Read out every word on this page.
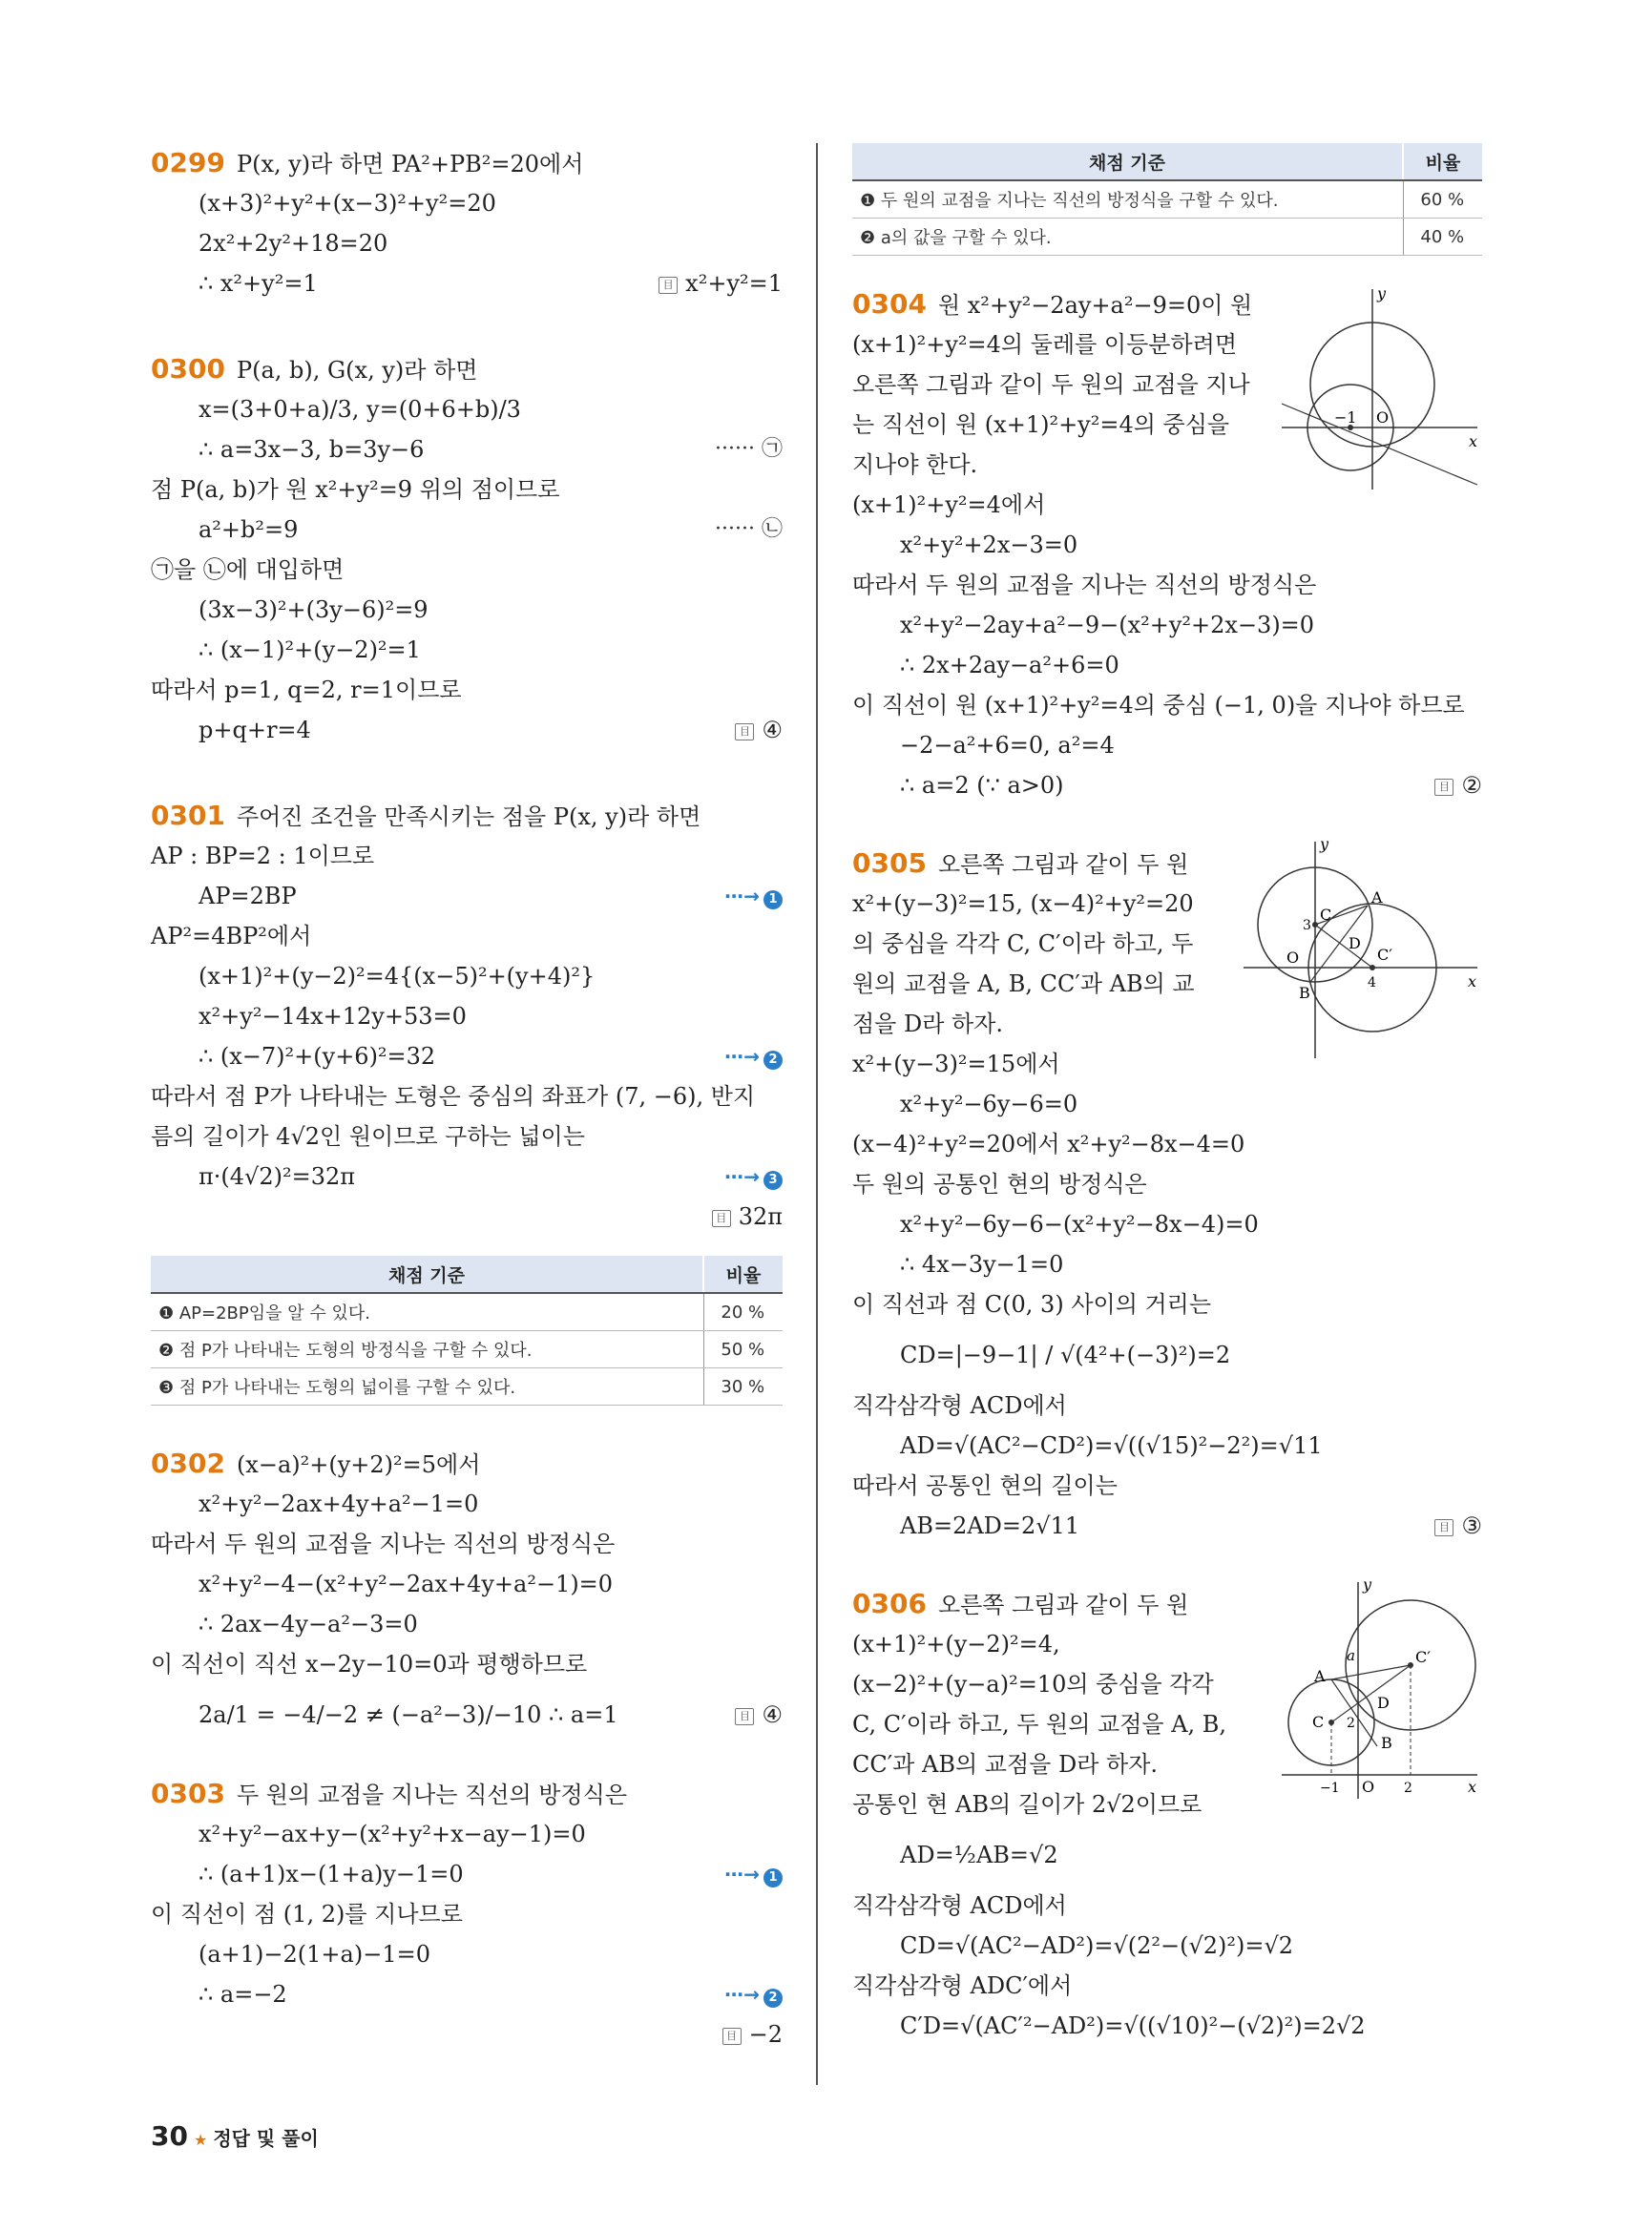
0299 P(x, y)라 하면 PA²+PB²=20에서
(x+3)²+y²+(x−3)²+y²=20
2x²+2y²+18=20
∴ x²+y²=1	目 x²+y²=1
0300 P(a, b), G(x, y)라 하면
x=(3+0+a)/3, y=(0+6+b)/3
∴ a=3x−3, b=3y−6	······ ㉠
점 P(a, b)가 원 x²+y²=9 위의 점이므로
a²+b²=9	······ ㉡
㉠을 ㉡에 대입하면
(3x−3)²+(3y−6)²=9
∴ (x−1)²+(y−2)²=1
따라서 p=1, q=2, r=1이므로
p+q+r=4	目 ④
0301 주어진 조건을 만족시키는 점을 P(x, y)라 하면
AP : BP=2 : 1이므로
AP=2BP	⋯→ 1
AP²=4BP²에서
(x+1)²+(y−2)²=4{(x−5)²+(y+4)²}
x²+y²−14x+12y+53=0
∴ (x−7)²+(y+6)²=32	⋯→ 2
따라서 점 P가 나타내는 도형은 중심의 좌표가 (7, −6), 반지
름의 길이가 4√2인 원이므로 구하는 넓이는
π·(4√2)²=32π	⋯→ 3
目 32π
채점 기준	비율
❶ AP=2BP임을 알 수 있다.	20 %
❷ 점 P가 나타내는 도형의 방정식을 구할 수 있다.	50 %
❸ 점 P가 나타내는 도형의 넓이를 구할 수 있다.	30 %
0302 (x−a)²+(y+2)²=5에서
x²+y²−2ax+4y+a²−1=0
따라서 두 원의 교점을 지나는 직선의 방정식은
x²+y²−4−(x²+y²−2ax+4y+a²−1)=0
∴ 2ax−4y−a²−3=0
이 직선이 직선 x−2y−10=0과 평행하므로
2a/1 = −4/−2 ≠ (−a²−3)/−10 ∴ a=1	目 ④
0303 두 원의 교점을 지나는 직선의 방정식은
x²+y²−ax+y−(x²+y²+x−ay−1)=0
∴ (a+1)x−(1+a)y−1=0	⋯→ 1
이 직선이 점 (1, 2)를 지나므로
(a+1)−2(1+a)−1=0
∴ a=−2	⋯→ 2
目 −2
채점 기준	비율
❶ 두 원의 교점을 지나는 직선의 방정식을 구할 수 있다.	60 %
❷ a의 값을 구할 수 있다.	40 %
y
x
−1 O
0304 원 x²+y²−2ay+a²−9=0이 원
(x+1)²+y²=4의 둘레를 이등분하려면
오른쪽 그림과 같이 두 원의 교점을 지나
는 직선이 원 (x+1)²+y²=4의 중심을
지나야 한다.
(x+1)²+y²=4에서
x²+y²+2x−3=0
따라서 두 원의 교점을 지나는 직선의 방정식은
x²+y²−2ay+a²−9−(x²+y²+2x−3)=0
∴ 2x+2ay−a²+6=0
이 직선이 원 (x+1)²+y²=4의 중심 (−1, 0)을 지나야 하므로
−2−a²+6=0, a²=4
∴ a=2 (∵ a>0)	目 ②
y
x
A
B
C
C′
D
O
3
4
0305 오른쪽 그림과 같이 두 원
x²+(y−3)²=15, (x−4)²+y²=20
의 중심을 각각 C, C′이라 하고, 두
원의 교점을 A, B, CC′과 AB의 교
점을 D라 하자.
x²+(y−3)²=15에서
x²+y²−6y−6=0
(x−4)²+y²=20에서 x²+y²−8x−4=0
두 원의 공통인 현의 방정식은
x²+y²−6y−6−(x²+y²−8x−4)=0
∴ 4x−3y−1=0
이 직선과 점 C(0, 3) 사이의 거리는
CD=|−9−1| / √(4²+(−3)²)=2
직각삼각형 ACD에서
AD=√(AC²−CD²)=√((√15)²−2²)=√11
따라서 공통인 현의 길이는
AB=2AD=2√11	目 ③
y
x
A
B
C
C′
D
O
a
2
−1	2
0306 오른쪽 그림과 같이 두 원
(x+1)²+(y−2)²=4,
(x−2)²+(y−a)²=10의 중심을 각각
C, C′이라 하고, 두 원의 교점을 A, B,
CC′과 AB의 교점을 D라 하자.
공통인 현 AB의 길이가 2√2이므로
AD=½AB=√2
직각삼각형 ACD에서
CD=√(AC²−AD²)=√(2²−(√2)²)=√2
직각삼각형 ADC′에서
C′D=√(AC′²−AD²)=√((√10)²−(√2)²)=2√2
30 ★ 정답 및 풀이
